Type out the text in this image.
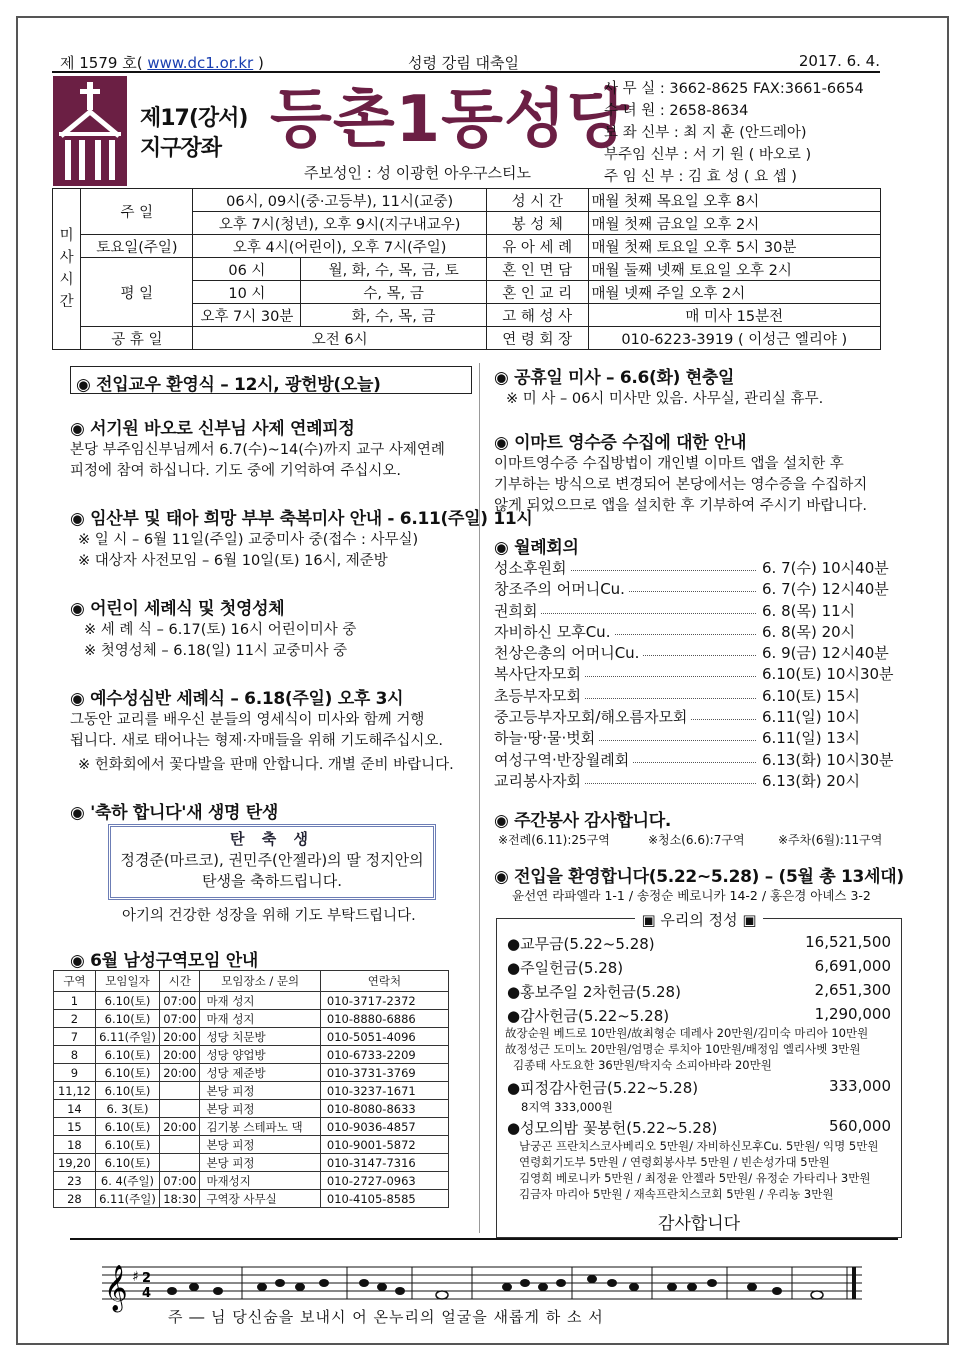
제 1579 호( www.dc1.or.kr )	성령 강림 대축일	2017. 6. 4.
제17(강서)
지구장좌 등촌1동성당
주보성인 : 성 이광헌 아우구스티노
사 무 실 : 3662-8625 FAX:3661-6654
수 녀 원 : 2658-8634
보 좌 신부 : 최 지 훈 (안드레아)
부주임 신부 : 서 기 원 ( 바오로 )
주 임 신 부 : 김 효 성 ( 요 셉 )
미 사 시 간	주 일	06시, 09시(중·고등부), 11시(교중)		성 시 간	매월 첫째 목요일 오후 8시
		오후 7시(청년), 오후 9시(지구내교우)		봉 성 체	매월 첫째 금요일 오후 2시
	토요일(주일)	오후 4시(어린이), 오후 7시(주일)		유 아 세 례	매월 첫째 토요일 오후 5시 30분
	평 일	06 시	월, 화, 수, 목, 금, 토	혼 인 면 담	매월 둘째 넷째 토요일 오후 2시
		10 시	수, 목, 금	혼 인 교 리	매월 넷째 주일 오후 2시
		오후 7시 30분	화, 수, 목, 금	고 해 성 사	매 미사 15분전
	공 휴 일	오전 6시		연 령 회 장	010-6223-3919 ( 이성근 엘리야 )
◉ 전입교우 환영식 – 12시, 광헌방(오늘)
◉ 서기원 바오로 신부님 사제 연례피정
본당 부주임신부님께서 6.7(수)~14(수)까지 교구 사제연례
피정에 참여 하십니다. 기도 중에 기억하여 주십시오.
◉ 임산부 및 태아 희망 부부 축복미사 안내 - 6.11(주일) 11시
※ 일 시 – 6월 11일(주일) 교중미사 중(접수 : 사무실)
※ 대상자 사전모임 – 6월 10일(토) 16시, 제준방
◉ 어린이 세례식 및 첫영성체
※ 세 례 식 – 6.17(토) 16시 어린이미사 중
※ 첫영성체 – 6.18(일) 11시 교중미사 중
◉ 예수성심반 세례식 – 6.18(주일) 오후 3시
그동안 교리를 배우신 분들의 영세식이 미사와 함께 거행
됩니다. 새로 태어나는 형제·자매들을 위해 기도해주십시오.
※ 헌화회에서 꽃다발을 판매 안합니다. 개별 준비 바랍니다.
◉ '축하 합니다'새 생명 탄생
탄 축 생
정경준(마르코), 권민주(안젤라)의 딸 정지안의
탄생을 축하드립니다.
아기의 건강한 성장을 위해 기도 부탁드립니다.
◉ 6월 남성구역모임 안내
구역	모임일자	시간	모임장소 / 문의	연락처
1	6.10(토)	07:00	마재 성지	010-3717-2372
2	6.10(토)	07:00	마재 성지	010-8880-6886
7	6.11(주일)	20:00	성당 치문방	010-5051-4096
8	6.10(토)	20:00	성당 양업방	010-6733-2209
9	6.10(토)	20:00	성당 제준방	010-3731-3769
11,12	6.10(토)		본당 피정	010-3237-1671
14	6. 3(토)		본당 피정	010-8080-8633
15	6.10(토)	20:00	김기봉 스테파노 댁	010-9036-4857
18	6.10(토)		본당 피정	010-9001-5872
19,20	6.10(토)		본당 피정	010-3147-7316
23	6. 4(주일)	07:00	마재성지	010-2727-0963
28	6.11(주일)	18:30	구역장 사무실	010-4105-8585
◉ 공휴일 미사 – 6.6(화) 현충일
※ 미 사 – 06시 미사만 있음. 사무실, 관리실 휴무.
◉ 이마트 영수증 수집에 대한 안내
이마트영수증 수집방법이 개인별 이마트 앱을 설치한 후
기부하는 방식으로 변경되어 본당에서는 영수증을 수집하지
않게 되었으므로 앱을 설치한 후 기부하여 주시기 바랍니다.
◉ 월례회의
성소후원회	6. 7(수) 10시40분
창조주의 어머니Cu.	6. 7(수) 12시40분
권희회	6. 8(목) 11시
자비하신 모후Cu.	6. 8(목) 20시
천상은총의 어머니Cu.	6. 9(금) 12시40분
복사단자모회	6.10(토) 10시30분
초등부자모회	6.10(토) 15시
중고등부자모회/해오름자모회	6.11(일) 10시
하늘·땅·물·벗회	6.11(일) 13시
여성구역·반장월례회	6.13(화) 10시30분
교리봉사자회	6.13(화) 20시
◉ 주간봉사 감사합니다.
※전례(6.11):25구역	※청소(6.6):7구역	※주차(6월):11구역
◉ 전입을 환영합니다(5.22~5.28) – (5월 총 13세대)
윤선연 라파엘라 1-1 / 송정순 베로니카 14-2 / 홍은경 아녜스 3-2
▣ 우리의 정성 ▣
●교무금(5.22~5.28)	16,521,500
●주일헌금(5.28)	6,691,000
●홍보주일 2차헌금(5.28)	2,651,300
●감사헌금(5.22~5.28)	1,290,000
故장순원 베드로 10만원/故최형순 데레사 20만원/김미숙 마리아 10만원
故정성근 도미노 20만원/엄명순 루치아 10만원/배정임 엘리사벳 3만원
김종태 사도요한 36만원/탁지숙 소피아바라 20만원
●피정감사헌금(5.22~5.28)	333,000
8지역 333,000원
●성모의밤 꽃봉헌(5.22~5.28)	560,000
남궁곤 프란치스코사베리오 5만원/ 자비하신모후Cu. 5만원/ 익명 5만원
연령회기도부 5만원 / 연령회봉사부 5만원 / 빈손성가대 5만원
김영희 베로니카 5만원 / 최정윤 안젤라 5만원/ 유정순 가타리나 3만원
김금자 마리아 5만원 / 재속프란치스코회 5만원 / 우리농 3만원
감사합니다
𝄞 ♯ 2
4
주 ― 님 당신숨을 보내시 어 온누리의 얼굴을 새롭게 하 소 서
